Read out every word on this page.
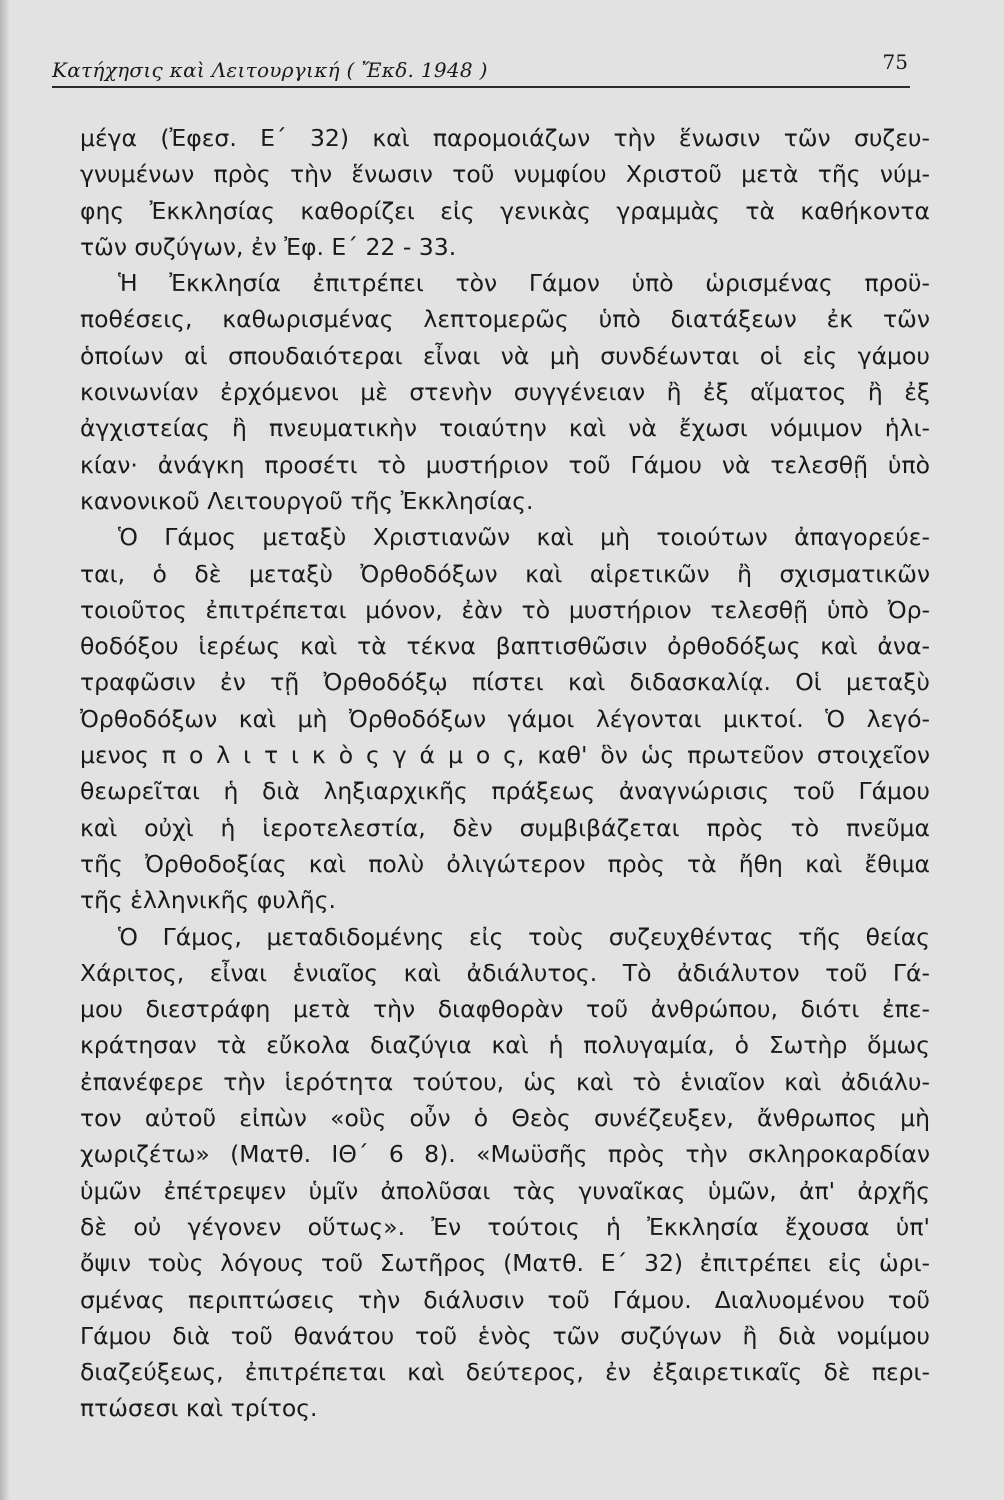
Κατήχησις καὶ Λειτουργική ( Ἔκδ. 1948 )	75
μέγα (Ἐφεσ. Ε΄ 32) καὶ παρομοιάζων τὴν ἕνωσιν τῶν συζευ-
γνυμένων πρὸς τὴν ἕνωσιν τοῦ νυμφίου Χριστοῦ μετὰ τῆς νύμ-
φης Ἐκκλησίας καθορίζει εἰς γενικὰς γραμμὰς τὰ καθήκοντα
τῶν συζύγων, ἐν Ἐφ. Ε΄ 22 - 33.
Ἡ Ἐκκλησία ἐπιτρέπει τὸν Γάμον ὑπὸ ὡρισμένας προϋ-
ποθέσεις, καθωρισμένας λεπτομερῶς ὑπὸ διατάξεων ἐκ τῶν
ὁποίων αἱ σπουδαιότεραι εἶναι νὰ μὴ συνδέωνται οἱ εἰς γάμου
κοινωνίαν ἐρχόμενοι μὲ στενὴν συγγένειαν ἢ ἐξ αἵματος ἢ ἐξ
ἀγχιστείας ἢ πνευματικὴν τοιαύτην καὶ νὰ ἔχωσι νόμιμον ἡλι-
κίαν· ἀνάγκη προσέτι τὸ μυστήριον τοῦ Γάμου νὰ τελεσθῇ ὑπὸ
κανονικοῦ Λειτουργοῦ τῆς Ἐκκλησίας.
Ὁ Γάμος μεταξὺ Χριστιανῶν καὶ μὴ τοιούτων ἀπαγορεύε-
ται, ὁ δὲ μεταξὺ Ὀρθοδόξων καὶ αἱρετικῶν ἢ σχισματικῶν
τοιοῦτος ἐπιτρέπεται μόνον, ἐὰν τὸ μυστήριον τελεσθῇ ὑπὸ Ὀρ-
θοδόξου ἱερέως καὶ τὰ τέκνα βαπτισθῶσιν ὀρθοδόξως καὶ ἀνα-
τραφῶσιν ἐν τῇ Ὀρθοδόξῳ πίστει καὶ διδασκαλίᾳ. Οἱ μεταξὺ
Ὀρθοδόξων καὶ μὴ Ὀρθοδόξων γάμοι λέγονται μικτοί. Ὁ λεγό-
μενος π ο λ ι τ ι κ ὸ ς γ ά μ ο ς, καθ' ὃν ὡς πρωτεῦον στοιχεῖον
θεωρεῖται ἡ διὰ ληξιαρχικῆς πράξεως ἀναγνώρισις τοῦ Γάμου
καὶ οὐχὶ ἡ ἱεροτελεστία, δὲν συμβιβάζεται πρὸς τὸ πνεῦμα
τῆς Ὀρθοδοξίας καὶ πολὺ ὀλιγώτερον πρὸς τὰ ἤθη καὶ ἔθιμα
τῆς ἑλληνικῆς φυλῆς.
Ὁ Γάμος, μεταδιδομένης εἰς τοὺς συζευχθέντας τῆς θείας
Χάριτος, εἶναι ἑνιαῖος καὶ ἀδιάλυτος. Τὸ ἀδιάλυτον τοῦ Γά-
μου διεστράφη μετὰ τὴν διαφθορὰν τοῦ ἀνθρώπου, διότι ἐπε-
κράτησαν τὰ εὔκολα διαζύγια καὶ ἡ πολυγαμία, ὁ Σωτὴρ ὅμως
ἐπανέφερε τὴν ἱερότητα τούτου, ὡς καὶ τὸ ἑνιαῖον καὶ ἀδιάλυ-
τον αὐτοῦ εἰπὼν «οὓς οὖν ὁ Θεὸς συνέζευξεν, ἄνθρωπος μὴ
χωριζέτω» (Ματθ. ΙΘ΄ 6 8). «Μωϋσῆς πρὸς τὴν σκληροκαρδίαν
ὑμῶν ἐπέτρεψεν ὑμῖν ἀπολῦσαι τὰς γυναῖκας ὑμῶν, ἀπ' ἀρχῆς
δὲ οὐ γέγονεν οὕτως». Ἐν τούτοις ἡ Ἐκκλησία ἔχουσα ὑπ'
ὄψιν τοὺς λόγους τοῦ Σωτῆρος (Ματθ. Ε΄ 32) ἐπιτρέπει εἰς ὡρι-
σμένας περιπτώσεις τὴν διάλυσιν τοῦ Γάμου. Διαλυομένου τοῦ
Γάμου διὰ τοῦ θανάτου τοῦ ἑνὸς τῶν συζύγων ἢ διὰ νομίμου
διαζεύξεως, ἐπιτρέπεται καὶ δεύτερος, ἐν ἐξαιρετικαῖς δὲ περι-
πτώσεσι καὶ τρίτος.
